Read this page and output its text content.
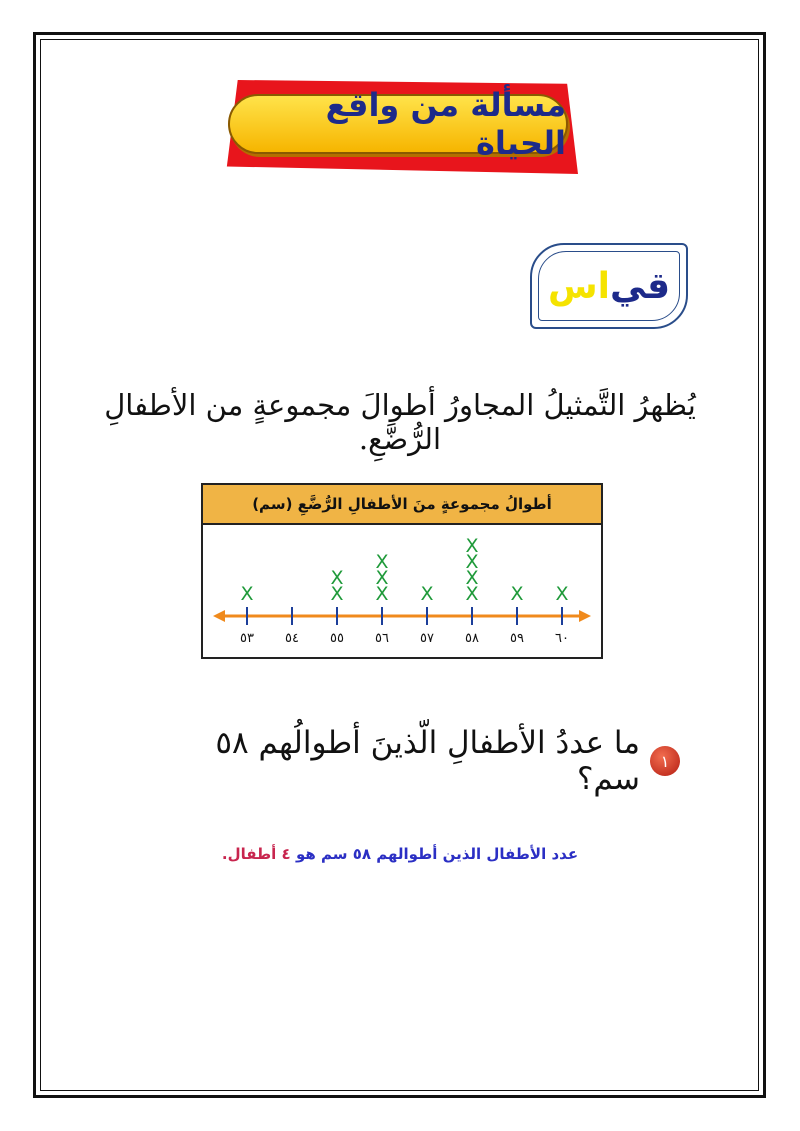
مسألة من واقع الحياة
قي
اس
يُظهرُ التَّمثيلُ المجاورُ أطوالَ مجموعةٍ من الأطفالِ الرُّضَّعِ.
أطوالُ مجموعةٍ منَ الأطفالِ الرُّضَّعِ (سم)
٥٣
X
٥٤ ٥٥
X
X
٥٦
X
X
X
٥٧
X
٥٨
X
X
X
X
٥٩
X
٦٠
X
١
ما عددُ الأطفالِ الّذينَ أطوالُهم ٥٨ سم؟
عدد الأطفال الذين أطوالهم ٥٨ سم هو ٤ أطفال.
